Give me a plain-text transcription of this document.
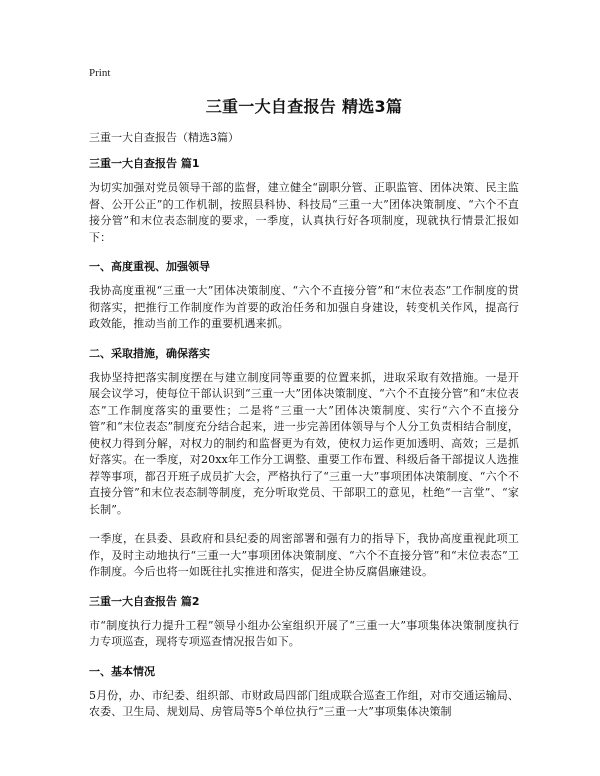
Print
三重一大自查报告 精选3篇
三重一大自查报告（精选3篇）
三重一大自查报告 篇1
为切实加强对党员领导干部的监督，建立健全“副职分管、正职监管、团体决策、民主监督、公开公正”的工作机制，按照县科协、科技局“三重一大”团体决策制度、“六个不直接分管”和末位表态制度的要求，一季度，认真执行好各项制度，现就执行情景汇报如下：
一、高度重视、加强领导
我协高度重视“三重一大”团体决策制度、“六个不直接分管”和“末位表态”工作制度的贯彻落实，把推行工作制度作为首要的政治任务和加强自身建设，转变机关作风，提高行政效能，推动当前工作的重要机遇来抓。
二、采取措施，确保落实
我协坚持把落实制度摆在与建立制度同等重要的位置来抓，进取采取有效措施。一是开展会议学习，使每位干部认识到“三重一大”团体决策制度、“六个不直接分管”和“末位表态”工作制度落实的重要性；二是将“三重一大”团体决策制度、实行“六个不直接分管”和“末位表态”制度充分结合起来，进一步完善团体领导与个人分工负责相结合制度，使权力得到分解，对权力的制约和监督更为有效，使权力运作更加透明、高效；三是抓好落实。在一季度，对20xx年工作分工调整、重要工作布置、科级后备干部提议人选推荐等事项，都召开班子成员扩大会，严格执行了“三重一大”事项团体决策制度、“六个不直接分管”和末位表态制等制度，充分听取党员、干部职工的意见，杜绝“一言堂”、“家长制”。
一季度，在县委、县政府和县纪委的周密部署和强有力的指导下，我协高度重视此项工作，及时主动地执行“三重一大”事项团体决策制度、“六个不直接分管”和“末位表态”工作制度。今后也将一如既往扎实推进和落实，促进全协反腐倡廉建设。
三重一大自查报告 篇2
市“制度执行力提升工程”领导小组办公室组织开展了“三重一大”事项集体决策制度执行力专项巡查，现将专项巡查情况报告如下。
一、基本情况
5月份，办、市纪委、组织部、市财政局四部门组成联合巡查工作组，对市交通运输局、农委、卫生局、规划局、房管局等5个单位执行“三重一大”事项集体决策制
